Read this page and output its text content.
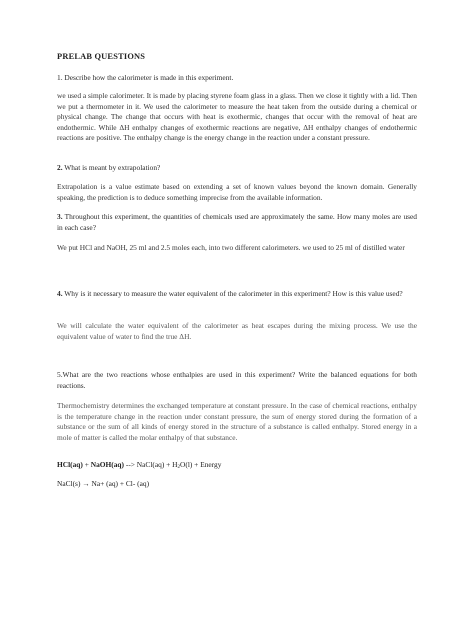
PRELAB QUESTIONS
1. Describe how the calorimeter is made in this experiment.
we used a simple calorimeter. It is made by placing styrene foam glass in a glass. Then we close it tightly with a lid. Then we put a thermometer in it. We used the calorimeter to measure the heat taken from the outside during a chemical or physical change. The change that occurs with heat is exothermic, changes that occur with the removal of heat are endothermic. While ΔH enthalpy changes of exothermic reactions are negative, ΔH enthalpy changes of endothermic reactions are positive. The enthalpy change is the energy change in the reaction under a constant pressure.
2. What is meant by extrapolation?
Extrapolation is a value estimate based on extending a set of known values beyond the known domain. Generally speaking, the prediction is to deduce something imprecise from the available information.
3. Throughout this experiment, the quantities of chemicals used are approximately the same. How many moles are used in each case?
We put HCl and NaOH, 25 ml and 2.5 moles each, into two different calorimeters. we used to 25 ml of distilled water
4. Why is it necessary to measure the water equivalent of the calorimeter in this experiment? How is this value used?
We will calculate the water equivalent of the calorimeter as heat escapes during the mixing process. We use the equivalent value of water to find the true ΔH.
5.What are the two reactions whose enthalpies are used in this experiment? Write the balanced equations for both reactions.
Thermochemistry determines the exchanged temperature at constant pressure. In the case of chemical reactions, enthalpy is the temperature change in the reaction under constant pressure, the sum of energy stored during the formation of a substance or the sum of all kinds of energy stored in the structure of a substance is called enthalpy. Stored energy in a mole of matter is called the molar enthalpy of that substance.
HCl(aq) + NaOH(aq) --> NaCl(aq) + $H_2O(l)$ + Energy
NaCl(s) → Na+ (aq) + Cl- (aq)
